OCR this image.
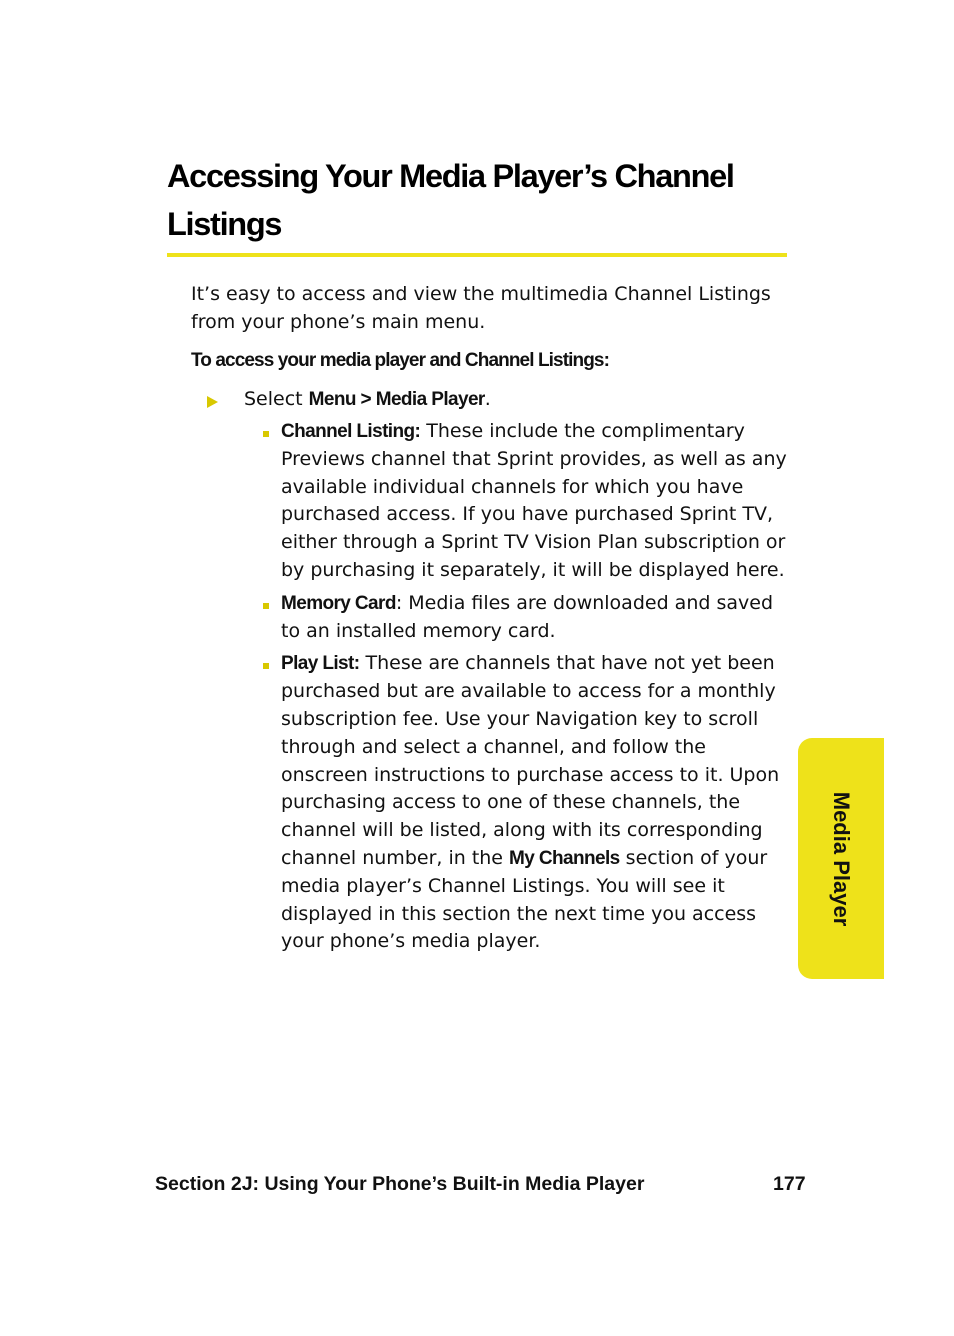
Accessing Your Media Player’s Channel Listings

It’s easy to access and view the multimedia Channel Listings from your phone’s main menu.

To access your media player and Channel Listings:

Select Menu > Media Player.
Channel Listing: These include the complimentary Previews channel that Sprint provides, as well as any available individual channels for which you have purchased access. If you have purchased Sprint TV, either through a Sprint TV Vision Plan subscription or by purchasing it separately, it will be displayed here.
Memory Card: Media files are downloaded and saved to an installed memory card.
Play List: These are channels that have not yet been purchased but are available to access for a monthly subscription fee. Use your Navigation key to scroll through and select a channel, and follow the onscreen instructions to purchase access to it. Upon purchasing access to one of these channels, the channel will be listed, along with its corresponding channel number, in the My Channels section of your media player’s Channel Listings. You will see it displayed in this section the next time you access your phone’s media player.
Media Player
Section 2J: Using Your Phone’s Built-in Media Player	177
